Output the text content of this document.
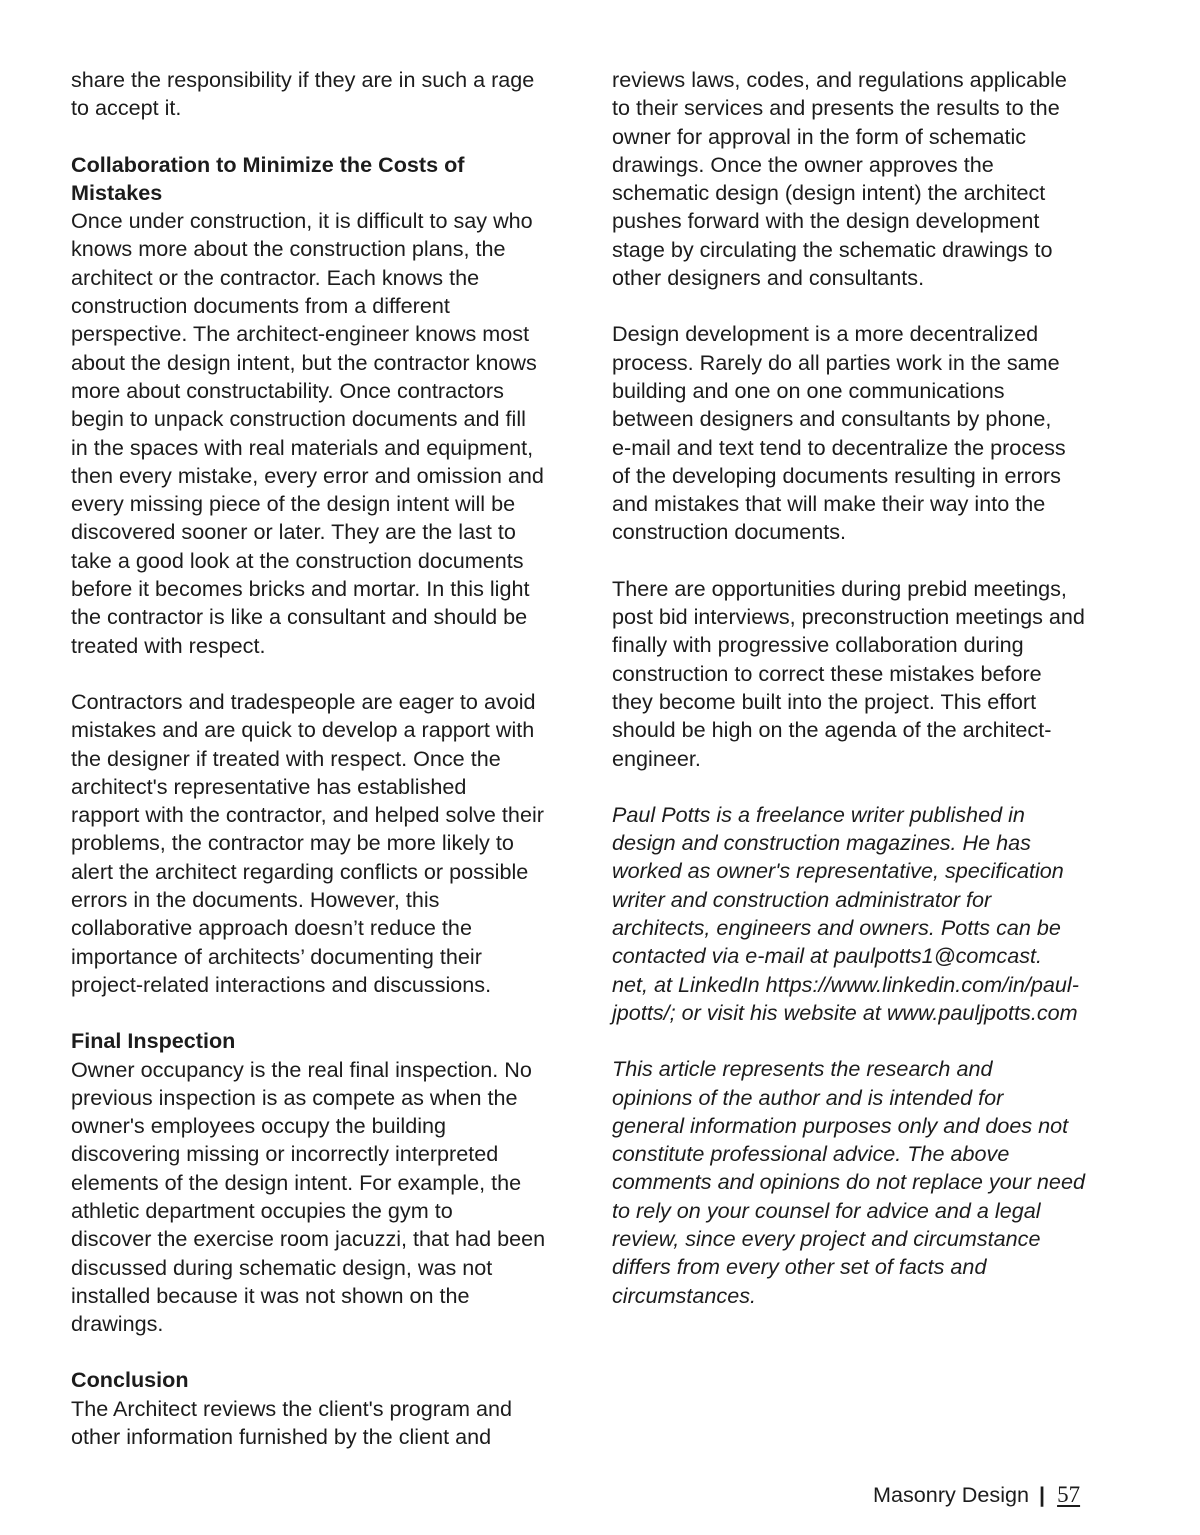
share the responsibility if they are in such a rage
to accept it.

Collaboration to Minimize the Costs of
Mistakes

Once under construction, it is difficult to say who
knows more about the construction plans, the
architect or the contractor. Each knows the
construction documents from a different
perspective. The architect-engineer knows most
about the design intent, but the contractor knows
more about constructability. Once contractors
begin to unpack construction documents and fill
in the spaces with real materials and equipment,
then every mistake, every error and omission and
every missing piece of the design intent will be
discovered sooner or later. They are the last to
take a good look at the construction documents
before it becomes bricks and mortar. In this light
the contractor is like a consultant and should be
treated with respect.

Contractors and tradespeople are eager to avoid
mistakes and are quick to develop a rapport with
the designer if treated with respect. Once the
architect's representative has established
rapport with the contractor, and helped solve their
problems, the contractor may be more likely to
alert the architect regarding conflicts or possible
errors in the documents. However, this
collaborative approach doesn’t reduce the
importance of architects’ documenting their
project-related interactions and discussions.

Final Inspection

Owner occupancy is the real final inspection. No
previous inspection is as compete as when the
owner's employees occupy the building
discovering missing or incorrectly interpreted
elements of the design intent. For example, the
athletic department occupies the gym to
discover the exercise room jacuzzi, that had been
discussed during schematic design, was not
installed because it was not shown on the
drawings.

Conclusion

The Architect reviews the client's program and
other information furnished by the client and

reviews laws, codes, and regulations applicable
to their services and presents the results to the
owner for approval in the form of schematic
drawings. Once the owner approves the
schematic design (design intent) the architect
pushes forward with the design development
stage by circulating the schematic drawings to
other designers and consultants.

Design development is a more decentralized
process. Rarely do all parties work in the same
building and one on one communications
between designers and consultants by phone,
e-mail and text tend to decentralize the process
of the developing documents resulting in errors
and mistakes that will make their way into the
construction documents.

There are opportunities during prebid meetings,
post bid interviews, preconstruction meetings and
finally with progressive collaboration during
construction to correct these mistakes before
they become built into the project. This effort
should be high on the agenda of the architect-
engineer.

Paul Potts is a freelance writer published in
design and construction magazines. He has
worked as owner's representative, specification
writer and construction administrator for
architects, engineers and owners. Potts can be
contacted via e-mail at paulpotts1@comcast.
net, at LinkedIn https://www.linkedin.com/in/paul-
jpotts/; or visit his website at www.pauljpotts.com

This article represents the research and
opinions of the author and is intended for
general information purposes only and does not
constitute professional advice. The above
comments and opinions do not replace your need
to rely on your counsel for advice and a legal
review, since every project and circumstance
differs from every other set of facts and
circumstances.

Masonry Design | 57
